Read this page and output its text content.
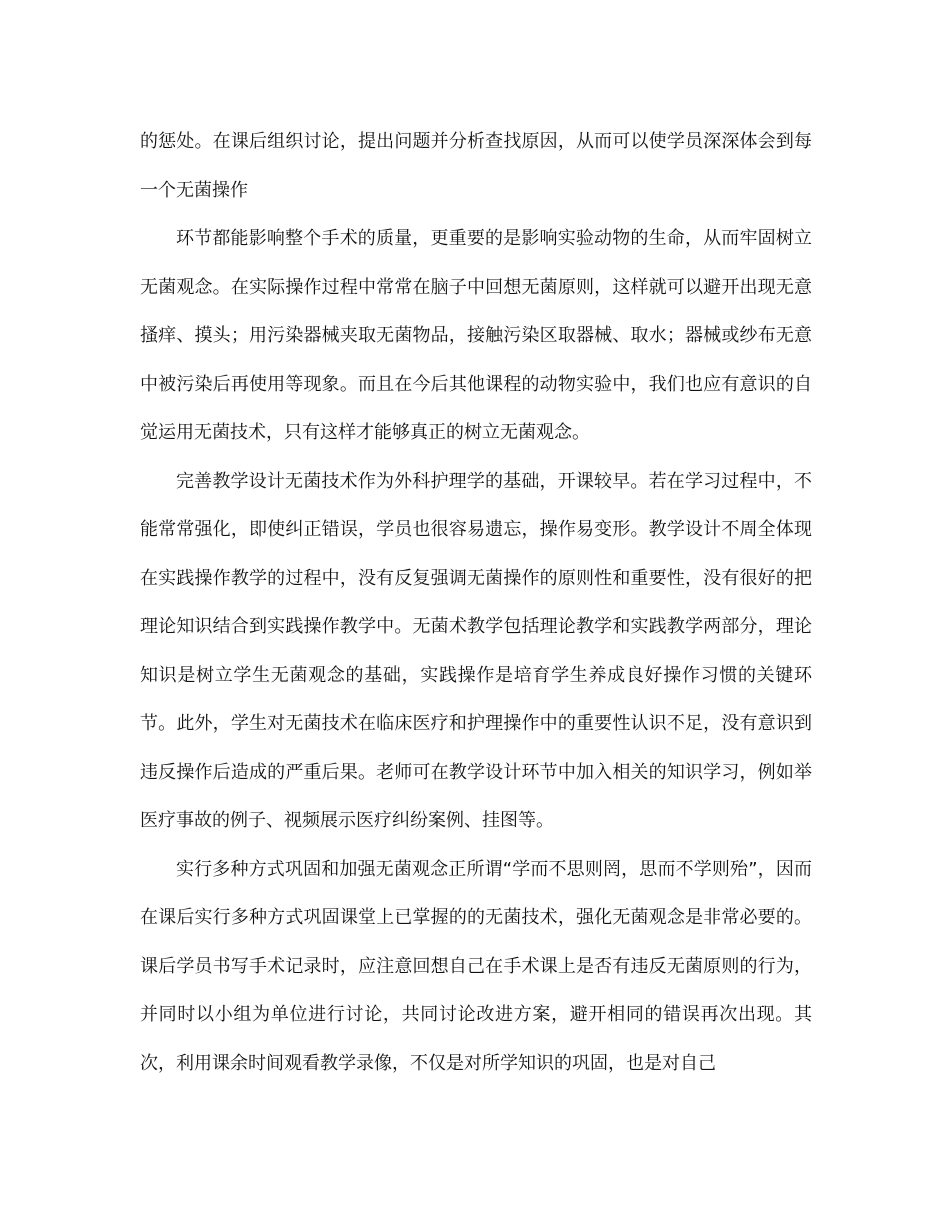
的惩处。在课后组织讨论，提出问题并分析查找原因，从而可以使学员深深体会到每一个无菌操作

环节都能影响整个手术的质量，更重要的是影响实验动物的生命，从而牢固树立无菌观念。在实际操作过程中常常在脑子中回想无菌原则，这样就可以避开出现无意搔痒、摸头；用污染器械夹取无菌物品，接触污染区取器械、取水；器械或纱布无意中被污染后再使用等现象。而且在今后其他课程的动物实验中，我们也应有意识的自觉运用无菌技术，只有这样才能够真正的树立无菌观念。

完善教学设计无菌技术作为外科护理学的基础，开课较早。若在学习过程中，不能常常强化，即使纠正错误，学员也很容易遗忘，操作易变形。教学设计不周全体现在实践操作教学的过程中，没有反复强调无菌操作的原则性和重要性，没有很好的把理论知识结合到实践操作教学中。无菌术教学包括理论教学和实践教学两部分，理论知识是树立学生无菌观念的基础，实践操作是培育学生养成良好操作习惯的关键环节。此外，学生对无菌技术在临床医疗和护理操作中的重要性认识不足，没有意识到违反操作后造成的严重后果。老师可在教学设计环节中加入相关的知识学习，例如举医疗事故的例子、视频展示医疗纠纷案例、挂图等。

实行多种方式巩固和加强无菌观念正所谓“学而不思则罔，思而不学则殆”，因而在课后实行多种方式巩固课堂上已掌握的的无菌技术，强化无菌观念是非常必要的。课后学员书写手术记录时，应注意回想自己在手术课上是否有违反无菌原则的行为，并同时以小组为单位进行讨论，共同讨论改进方案，避开相同的错误再次出现。其次，利用课余时间观看教学录像，不仅是对所学知识的巩固，也是对自己
